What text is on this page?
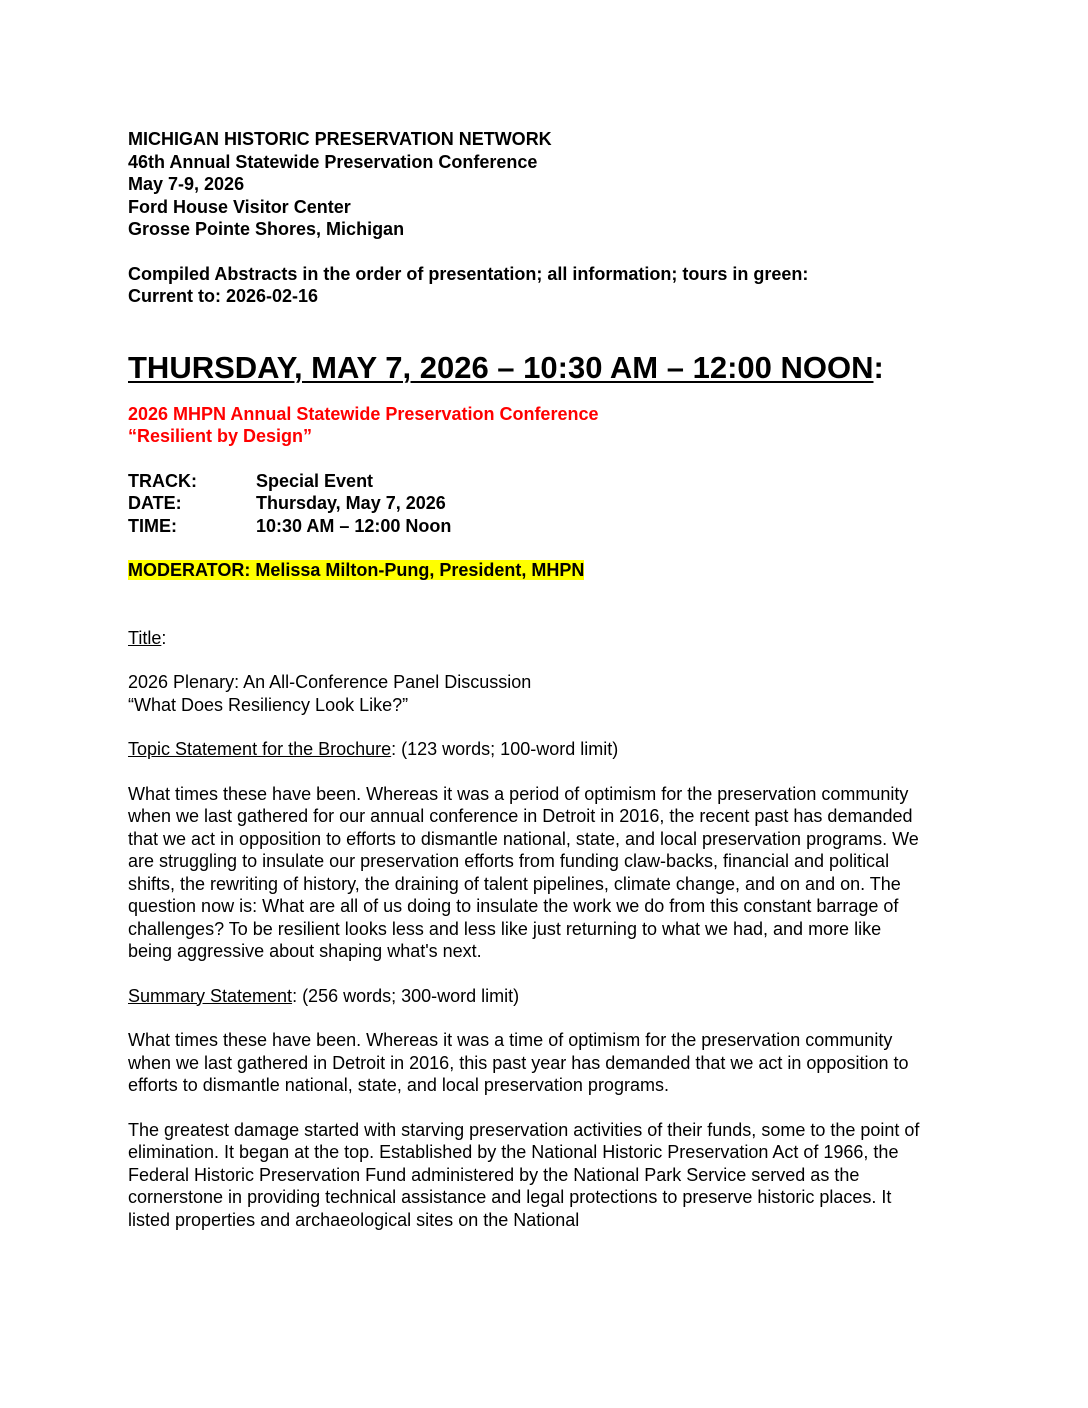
MICHIGAN HISTORIC PRESERVATION NETWORK
46th Annual Statewide Preservation Conference
May 7-9, 2026
Ford House Visitor Center
Grosse Pointe Shores, Michigan
Compiled Abstracts in the order of presentation; all information; tours in green:
Current to: 2026-02-16
THURSDAY, MAY 7, 2026 – 10:30 AM – 12:00 NOON:
2026 MHPN Annual Statewide Preservation Conference
“Resilient by Design”
TRACK:	Special Event
DATE:	Thursday, May 7, 2026
TIME:	10:30 AM – 12:00 Noon
MODERATOR: Melissa Milton-Pung, President, MHPN
Title:
2026 Plenary: An All-Conference Panel Discussion
“What Does Resiliency Look Like?”
Topic Statement for the Brochure: (123 words; 100-word limit)

What times these have been. Whereas it was a period of optimism for the preservation community when we last gathered for our annual conference in Detroit in 2016, the recent past has demanded that we act in opposition to efforts to dismantle national, state, and local preservation programs. We are struggling to insulate our preservation efforts from funding claw-backs, financial and political shifts, the rewriting of history, the draining of talent pipelines, climate change, and on and on. The question now is: What are all of us doing to insulate the work we do from this constant barrage of challenges? To be resilient looks less and less like just returning to what we had, and more like being aggressive about shaping what's next.

Summary Statement: (256 words; 300-word limit)

What times these have been. Whereas it was a time of optimism for the preservation community when we last gathered in Detroit in 2016, this past year has demanded that we act in opposition to efforts to dismantle national, state, and local preservation programs.

The greatest damage started with starving preservation activities of their funds, some to the point of elimination. It began at the top. Established by the National Historic Preservation Act of 1966, the Federal Historic Preservation Fund administered by the National Park Service served as the cornerstone in providing technical assistance and legal protections to preserve historic places. It listed properties and archaeological sites on the National
